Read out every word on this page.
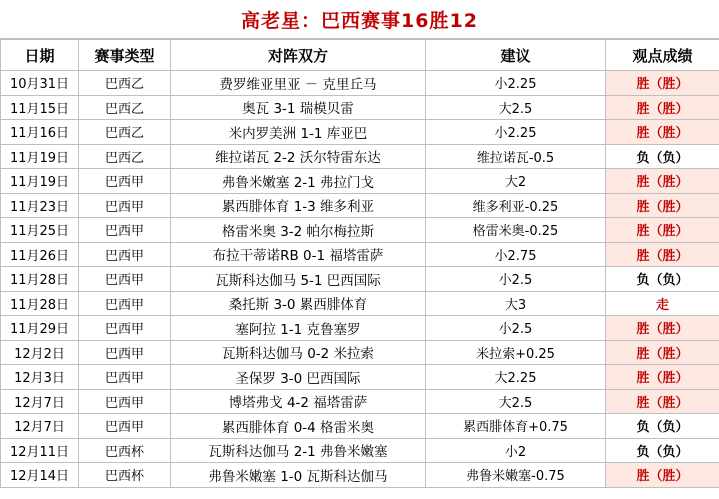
高老星：巴西赛事16胜12
日期	赛事类型	对阵双方	建议	观点成绩
10月31日	巴西乙	费罗维亚里亚 － 克里丘马	小2.25	胜（胜）
11月15日	巴西乙	奥瓦 3-1 瑞模贝雷	大2.5	胜（胜）
11月16日	巴西乙	米内罗美洲 1-1 库亚巴	小2.25	胜（胜）
11月19日	巴西乙	维拉诺瓦 2-2 沃尔特雷东达	维拉诺瓦-0.5	负（负）
11月19日	巴西甲	弗鲁米嫩塞 2-1 弗拉门戈	大2	胜（胜）
11月23日	巴西甲	累西腓体育 1-3 维多利亚	维多利亚-0.25	胜（胜）
11月25日	巴西甲	格雷米奥 3-2 帕尔梅拉斯	格雷米奥-0.25	胜（胜）
11月26日	巴西甲	布拉干蒂诺RB 0-1 福塔雷萨	小2.75	胜（胜）
11月28日	巴西甲	瓦斯科达伽马 5-1 巴西国际	小2.5	负（负）
11月28日	巴西甲	桑托斯 3-0 累西腓体育	大3	走
11月29日	巴西甲	塞阿拉 1-1 克鲁塞罗	小2.5	胜（胜）
12月2日	巴西甲	瓦斯科达伽马 0-2 米拉索	米拉索+0.25	胜（胜）
12月3日	巴西甲	圣保罗 3-0 巴西国际	大2.25	胜（胜）
12月7日	巴西甲	博塔弗戈 4-2 福塔雷萨	大2.5	胜（胜）
12月7日	巴西甲	累西腓体育 0-4 格雷米奥	累西腓体育+0.75	负（负）
12月11日	巴西杯	瓦斯科达伽马 2-1 弗鲁米嫩塞	小2	负（负）
12月14日	巴西杯	弗鲁米嫩塞 1-0 瓦斯科达伽马	弗鲁米嫩塞-0.75	胜（胜）
